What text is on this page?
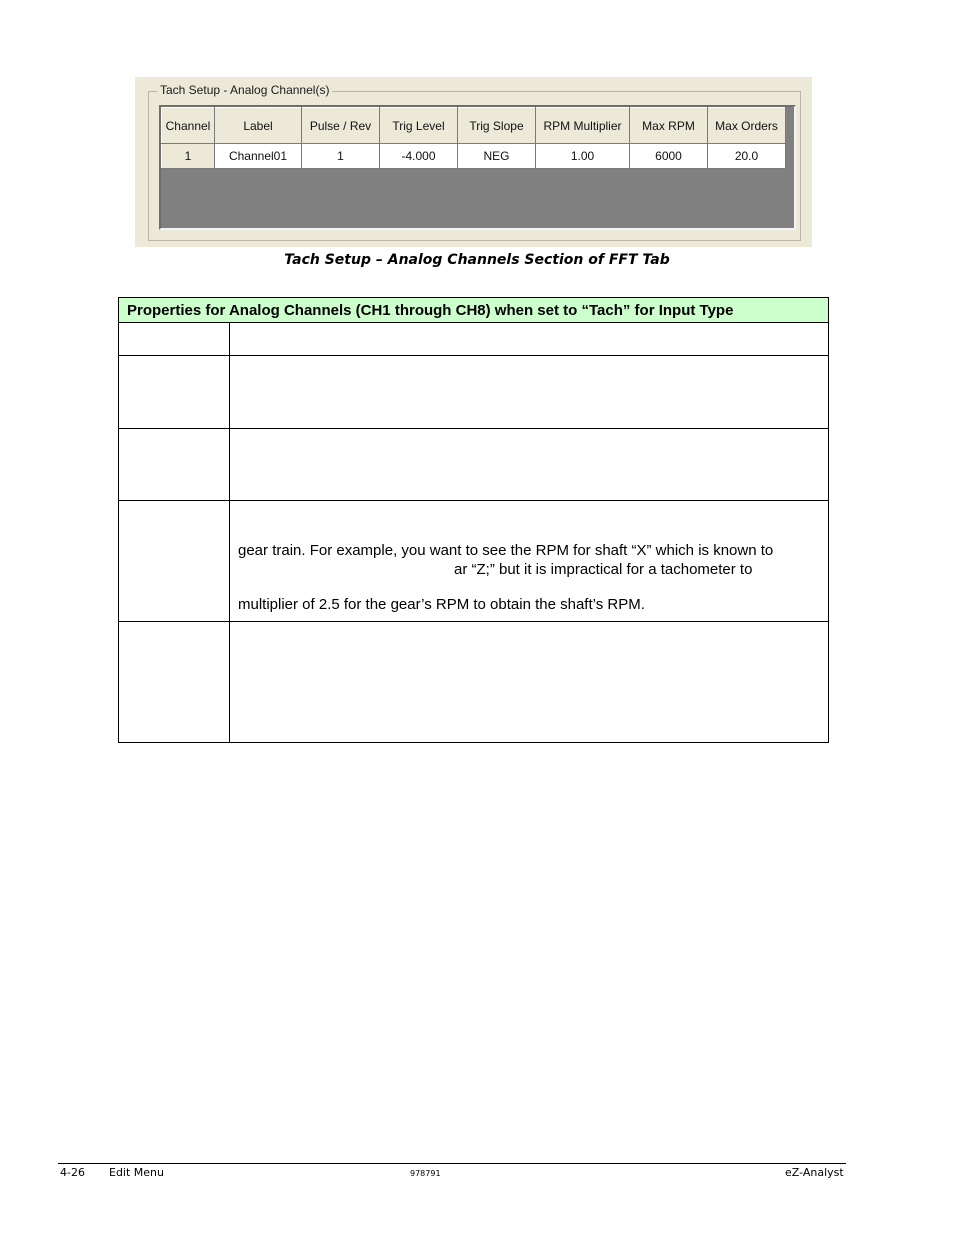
Tach Setup - Analog Channel(s)
Channel	Label	Pulse / Rev	Trig Level	Trig Slope	RPM Multiplier	Max RPM	Max Orders
1	Channel01	1	-4.000	NEG	1.00	6000	20.0
Tach Setup – Analog Channels Section of FFT Tab
Properties for Analog Channels (CH1 through CH8) when set to “Tach” for Input Type	

	gear train. For example, you want to see the RPM for shaft “X” which is known to
ar “Z;” but it is impractical for a tachometer to
multiplier of 2.5 for the gear’s RPM to obtain the shaft’s RPM.

4-26 Edit Menu	978791	eZ-Analyst
